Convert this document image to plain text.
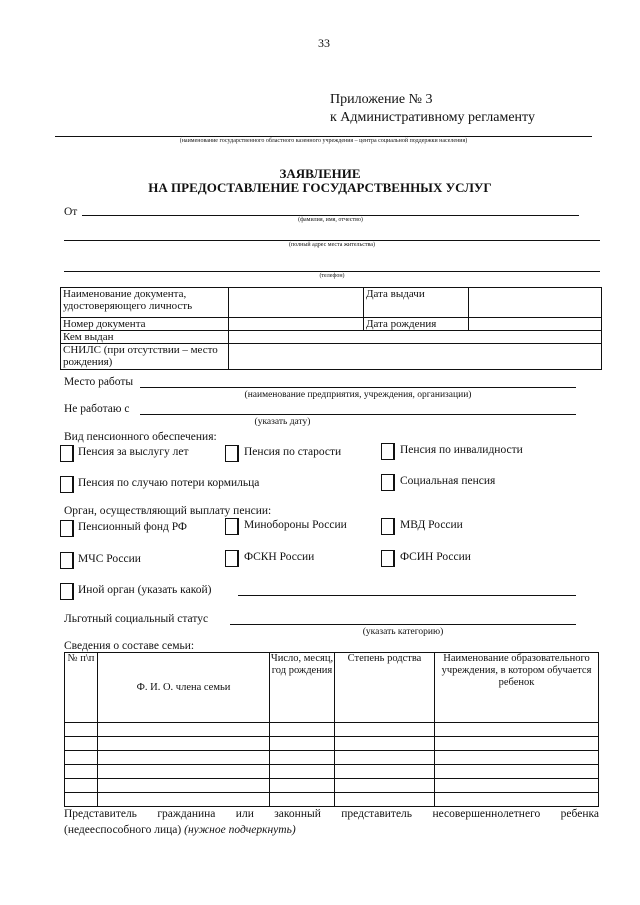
33
Приложение № 3
к Административному регламенту
(наименование государственного областного казенного учреждения – центра социальной поддержки населения)
ЗАЯВЛЕНИЕ
НА ПРЕДОСТАВЛЕНИЕ ГОСУДАРСТВЕННЫХ УСЛУГ
От
(фамилия, имя, отчество)
(полный адрес места жительства)
(телефон)
Наименование документа, удостоверяющего личность		Дата выдачи	
Номер документа		Дата рождения	
Кем выдан			
СНИЛС (при отсутствии – место рождения)			
Место работы
(наименование предприятия, учреждения, организации)
Не работаю с
(указать дату)
Вид пенсионного обеспечения:
Пенсия за выслугу лет	Пенсия по старости	Пенсия по инвалидности
Пенсия по случаю потери кормильца	Социальная пенсия
Орган, осуществляющий выплату пенсии:
Пенсионный фонд РФ	Минобороны России	МВД России
МЧС России	ФСКН России	ФСИН России
Иной орган (указать какой)
Льготный социальный статус
(указать категорию)
Сведения о составе семьи:
№ п\п	Ф. И. О. члена семьи	Число, месяц, год рождения	Степень родства	Наименование образовательного учреждения, в котором обучается ребенок

Представитель гражданина или законный представитель несовершеннолетнего ребенка
(недееспособного лица) (нужное подчеркнуть)
